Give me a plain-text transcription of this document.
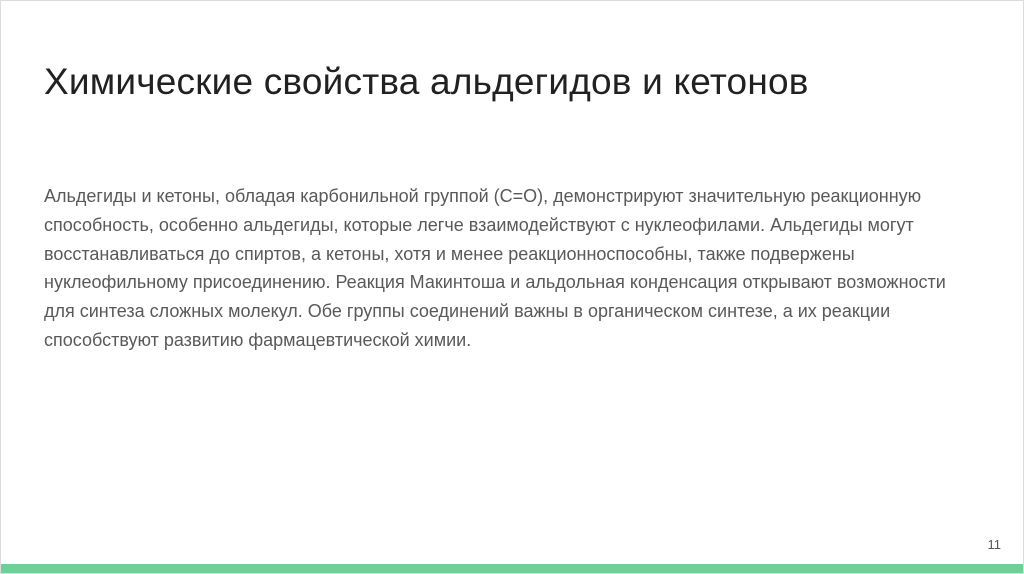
Химические свойства альдегидов и кетонов

Альдегиды и кетоны, обладая карбонильной группой (C=O), демонстрируют значительную реакционную способность, особенно альдегиды, которые легче взаимодействуют с нуклеофилами. Альдегиды могут восстанавливаться до спиртов, а кетоны, хотя и менее реакционноспособны, также подвержены нуклеофильному присоединению. Реакция Макинтоша и альдольная конденсация открывают возможности для синтеза сложных молекул. Обе группы соединений важны в органическом синтезе, а их реакции способствуют развитию фармацевтической химии.

11
